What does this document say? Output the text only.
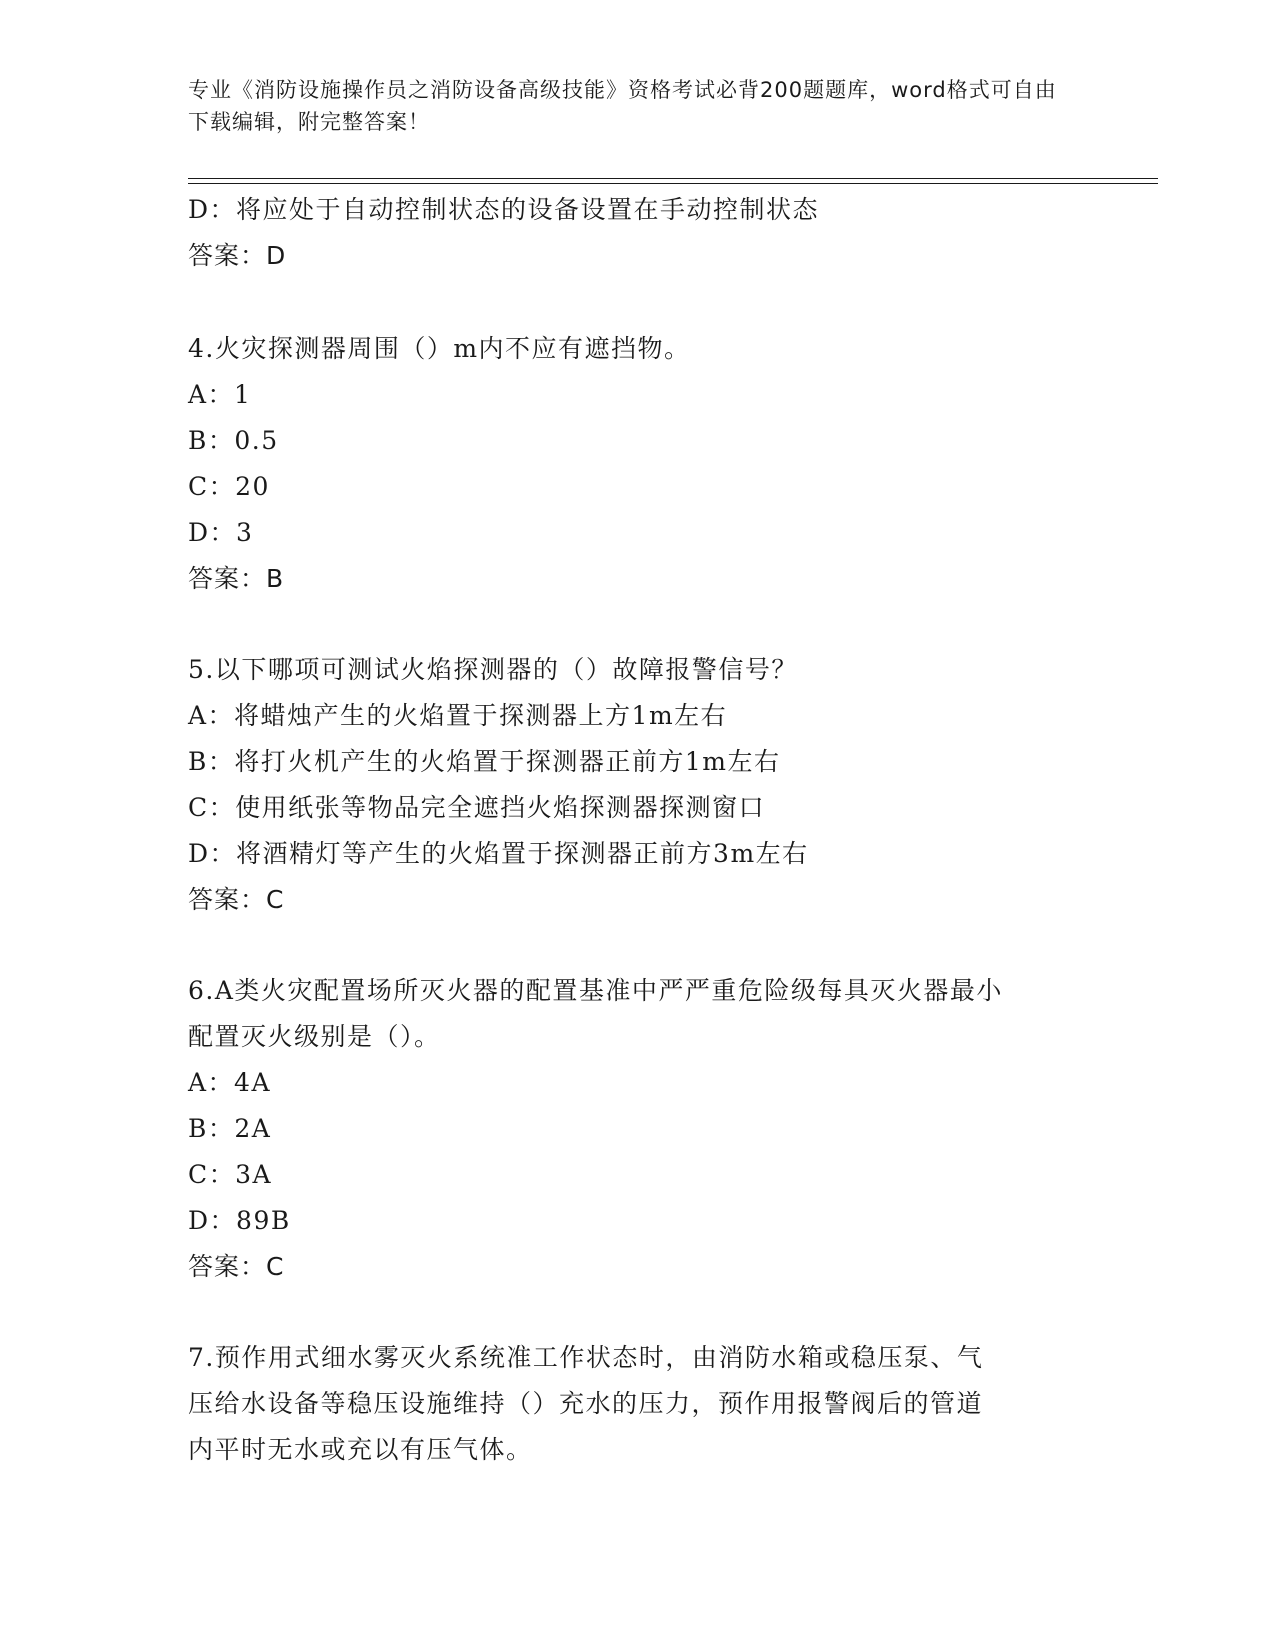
专业《消防设施操作员之消防设备高级技能》资格考试必背200题题库，word格式可自由下载编辑，附完整答案！
D：将应处于自动控制状态的设备设置在手动控制状态
答案：D
4.火灾探测器周围（）m内不应有遮挡物。
A：1
B：0.5
C：20
D：3
答案：B
5.以下哪项可测试火焰探测器的（）故障报警信号？
A：将蜡烛产生的火焰置于探测器上方1m左右
B：将打火机产生的火焰置于探测器正前方1m左右
C：使用纸张等物品完全遮挡火焰探测器探测窗口
D：将酒精灯等产生的火焰置于探测器正前方3m左右
答案：C
6.A类火灾配置场所灭火器的配置基准中严严重危险级每具灭火器最小
配置灭火级别是（）。
A：4A
B：2A
C：3A
D：89B
答案：C
7.预作用式细水雾灭火系统准工作状态时，由消防水箱或稳压泵、气
压给水设备等稳压设施维持（）充水的压力，预作用报警阀后的管道
内平时无水或充以有压气体。
